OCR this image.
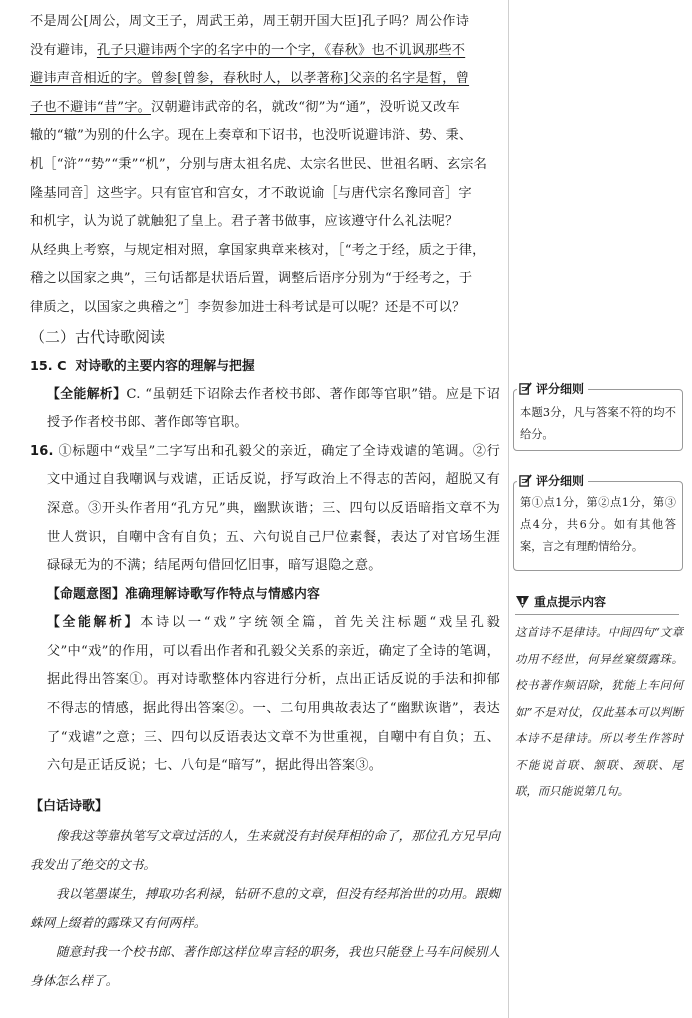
不是周公[周公，周文王子，周武王弟，周王朝开国大臣]孔子吗？周公作诗

没有避讳，孔子只避讳两个字的名字中的一个字，《春秋》也不讥讽那些不

避讳声音相近的字。曾参[曾参，春秋时人，以孝著称]父亲的名字是皙，曾

子也不避讳“昔”字。汉朝避讳武帝的名，就改“彻”为“通”，没听说又改车

辙的“辙”为别的什么字。现在上奏章和下诏书，也没听说避讳浒、势、秉、

机［“浒”“势”“秉”“机”，分别与唐太祖名虎、太宗名世民、世祖名昞、玄宗名

隆基同音］这些字。只有宦官和宫女，才不敢说谕［与唐代宗名豫同音］字

和机字，认为说了就触犯了皇上。君子著书做事，应该遵守什么礼法呢？

从经典上考察，与规定相对照，拿国家典章来核对，［“考之于经，质之于律，

稽之以国家之典”，三句话都是状语后置，调整后语序分别为“于经考之，于

律质之，以国家之典稽之”］李贺参加进士科考试是可以呢？还是不可以？

（二）古代诗歌阅读

15. C 对诗歌的主要内容的理解与把握

【全能解析】C. “虽朝廷下诏除去作者校书郎、著作郎等官职”错。应是下诏授予作者校书郎、著作郎等官职。

16. ①标题中“戏呈”二字写出和孔毅父的亲近，确定了全诗戏谑的笔调。②行文中通过自我嘲讽与戏谑，正话反说，抒写政治上不得志的苦闷，超脱又有深意。③开头作者用“孔方兄”典，幽默诙谐；三、四句以反语暗指文章不为世人赏识，自嘲中含有自负；五、六句说自己尸位素餐，表达了对官场生涯碌碌无为的不满；结尾两句借回忆旧事，暗写退隐之意。

【命题意图】准确理解诗歌写作特点与情感内容

【全能解析】本诗以一“戏”字统领全篇，首先关注标题“戏呈孔毅父”中“戏”的作用，可以看出作者和孔毅父关系的亲近，确定了全诗的笔调，据此得出答案①。再对诗歌整体内容进行分析，点出正话反说的手法和抑郁不得志的情感，据此得出答案②。一、二句用典故表达了“幽默诙谐”，表达了“戏谑”之意；三、四句以反语表达文章不为世重视，自嘲中有自负；五、六句是正话反说；七、八句是“暗写”，据此得出答案③。

【白话诗歌】

像我这等靠执笔写文章过活的人，生来就没有封侯拜相的命了，那位孔方兄早向我发出了绝交的文书。

我以笔墨谋生，搏取功名利禄，钻研不息的文章，但没有经邦治世的功用。跟蜘蛛网上缀着的露珠又有何两样。

随意封我一个校书郎、著作郎这样位卑言轻的职务，我也只能登上马车问候别人身体怎么样了。

本题3分，凡与答案不符的均不给分。

评分细则

第①点1分，第②点1分，第③点4分，共6分。如有其他答案，言之有理酌情给分。

评分细则
重点提示内容

这首诗不是律诗。中间四句“文章功用不经世，何异丝窠缀露珠。校书著作频诏除，犹能上车问何如”不是对仗，仅此基本可以判断本诗不是律诗。所以考生作答时不能说首联、颔联、颈联、尾联，而只能说第几句。
